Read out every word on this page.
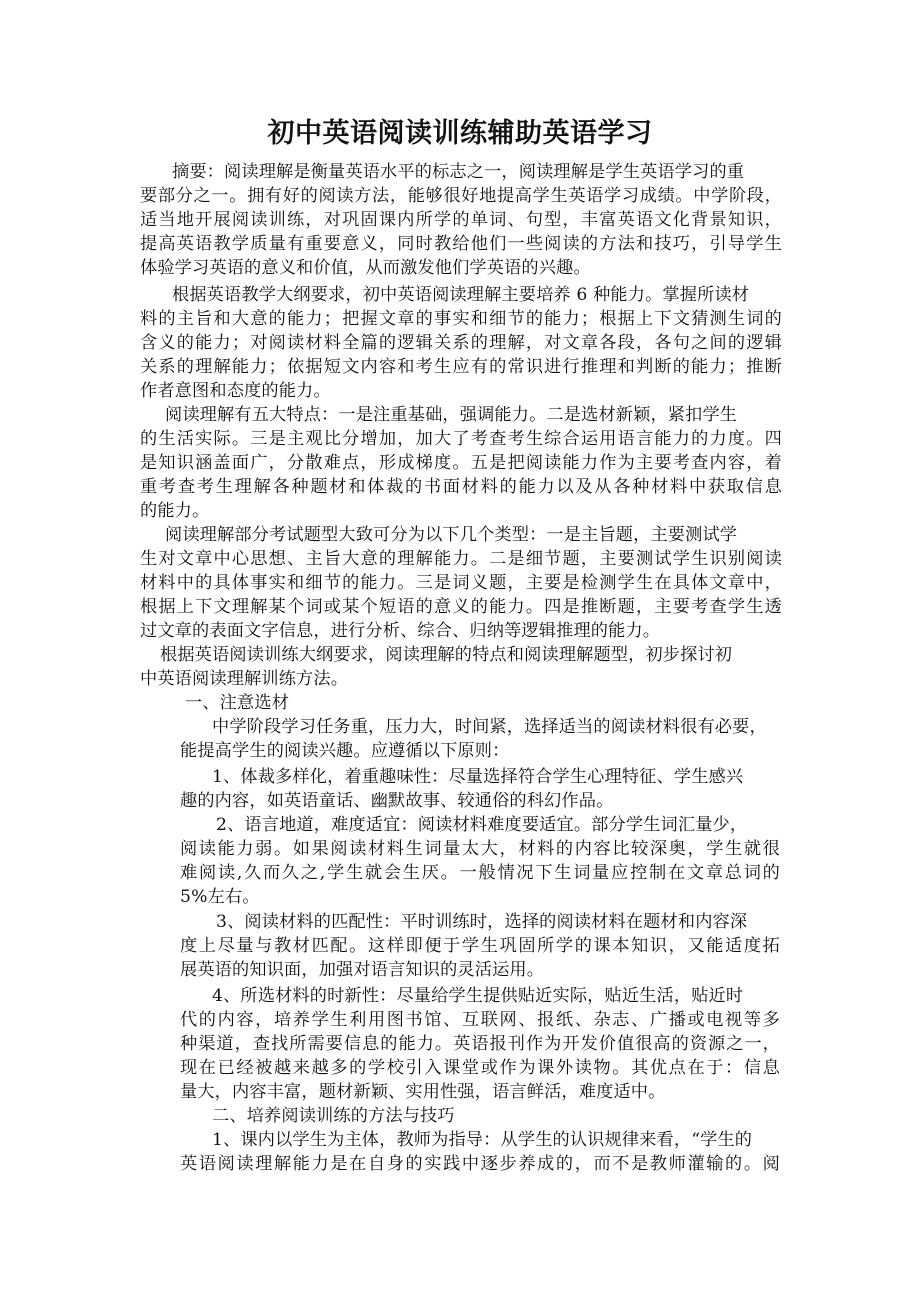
初中英语阅读训练辅助英语学习
摘要：阅读理解是衡量英语水平的标志之一，阅读理解是学生英语学习的重
要部分之一。拥有好的阅读方法，能够很好地提高学生英语学习成绩。中学阶段，
适当地开展阅读训练，对巩固课内所学的单词、句型，丰富英语文化背景知识，
提高英语教学质量有重要意义，同时教给他们一些阅读的方法和技巧，引导学生
体验学习英语的意义和价值，从而激发他们学英语的兴趣。
根据英语教学大纲要求，初中英语阅读理解主要培养 6 种能力。掌握所读材
料的主旨和大意的能力；把握文章的事实和细节的能力；根据上下文猜测生词的
含义的能力；对阅读材料全篇的逻辑关系的理解，对文章各段，各句之间的逻辑
关系的理解能力；依据短文内容和考生应有的常识进行推理和判断的能力；推断
作者意图和态度的能力。
阅读理解有五大特点：一是注重基础，强调能力。二是选材新颖，紧扣学生
的生活实际。三是主观比分增加，加大了考查考生综合运用语言能力的力度。四
是知识涵盖面广，分散难点，形成梯度。五是把阅读能力作为主要考查内容，着
重考查考生理解各种题材和体裁的书面材料的能力以及从各种材料中获取信息
的能力。
阅读理解部分考试题型大致可分为以下几个类型：一是主旨题，主要测试学
生对文章中心思想、主旨大意的理解能力。二是细节题，主要测试学生识别阅读
材料中的具体事实和细节的能力。三是词义题，主要是检测学生在具体文章中，
根据上下文理解某个词或某个短语的意义的能力。四是推断题，主要考查学生透
过文章的表面文字信息，进行分析、综合、归纳等逻辑推理的能力。
根据英语阅读训练大纲要求，阅读理解的特点和阅读理解题型，初步探讨初
中英语阅读理解训练方法。
一、注意选材
中学阶段学习任务重，压力大，时间紧，选择适当的阅读材料很有必要，
能提高学生的阅读兴趣。应遵循以下原则：
1、体裁多样化，着重趣味性：尽量选择符合学生心理特征、学生感兴
趣的内容，如英语童话、幽默故事、较通俗的科幻作品。
2、语言地道，难度适宜：阅读材料难度要适宜。部分学生词汇量少，
阅读能力弱。如果阅读材料生词量太大，材料的内容比较深奥，学生就很
难阅读,久而久之,学生就会生厌。一般情况下生词量应控制在文章总词的
5%左右。
3、阅读材料的匹配性：平时训练时，选择的阅读材料在题材和内容深
度上尽量与教材匹配。这样即便于学生巩固所学的课本知识，又能适度拓
展英语的知识面，加强对语言知识的灵活运用。
4、所选材料的时新性：尽量给学生提供贴近实际，贴近生活，贴近时
代的内容，培养学生利用图书馆、互联网、报纸、杂志、广播或电视等多
种渠道，查找所需要信息的能力。英语报刊作为开发价值很高的资源之一，
现在已经被越来越多的学校引入课堂或作为课外读物。其优点在于：信息
量大，内容丰富，题材新颖、实用性强，语言鲜活，难度适中。
二、培养阅读训练的方法与技巧
1、课内以学生为主体，教师为指导：从学生的认识规律来看，“学生的
英语阅读理解能力是在自身的实践中逐步养成的，而不是教师灌输的。阅
